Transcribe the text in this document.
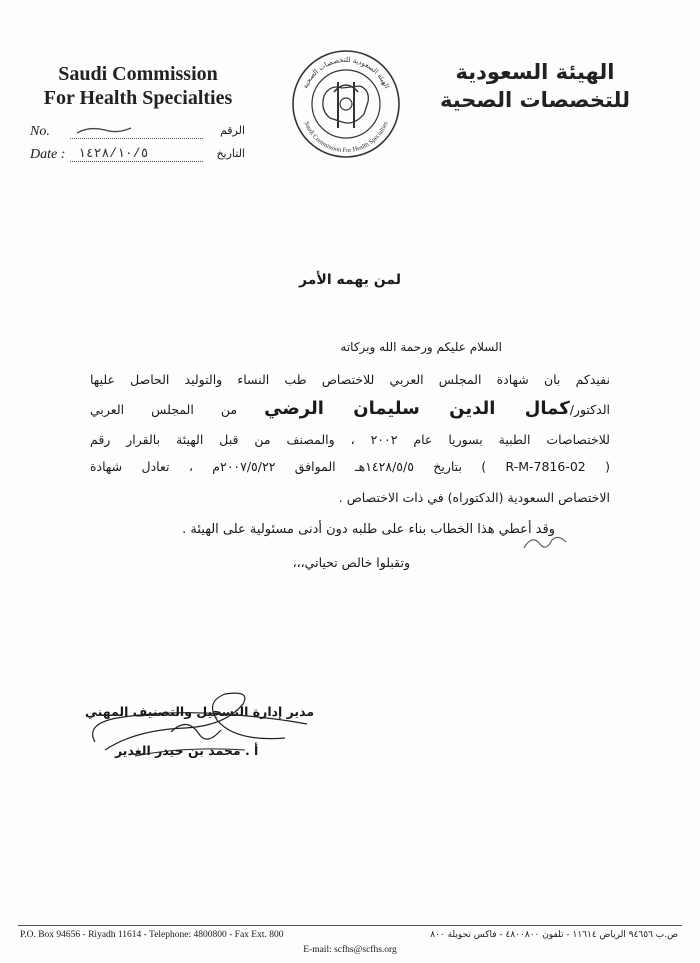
Saudi Commission
For Health Specialties
الهيئة السعودية
للتخصصات الصحية
الهيئة السعودية للتخصصات الصحية
Saudi Commission For Health Specialties
No.	الرقم
Date : ١٤٢٨/١٠/٥	التاريخ
لمن يهمه الأمر
السلام عليكم ورحمة الله وبركاته
نفيدكم بان شهادة المجلس العربي للاختصاص طب النساء والتوليد الحاصل عليها
الدكتور/كمال الدين سليمان الرضي من المجلس العربي
للاختصاصات الطبية بسوريا عام ٢٠٠٢ ، والمصنف من قبل الهيئة بالقرار رقم
( 02-R-M-7816 ) بتاريخ ١٤٢٨/٥/٥هـ الموافق ٢٠٠٧/٥/٢٢م ، تعادل شهادة
الاختصاص السعودية (الدكتوراه) في ذات الاختصاص .
وقد أعطي هذا الخطاب بناء على طلبه دون أدنى مسئولية على الهيئة .
وتقبلوا خالص تحياتي،،،
مدير إدارة التسجيل والتصنيف المهني
أ . محمد بن حيدر الغدير
P.O. Box 94656 - Riyadh 11614 - Telephone: 4800800 - Fax Ext. 800	ص.ب ٩٤٦٥٦ الرياض ١١٦١٤ - تلفون ٤٨٠٠٨٠٠ - فاكس تحويلة ٨٠٠
E-mail: scfhs@scfhs.org
